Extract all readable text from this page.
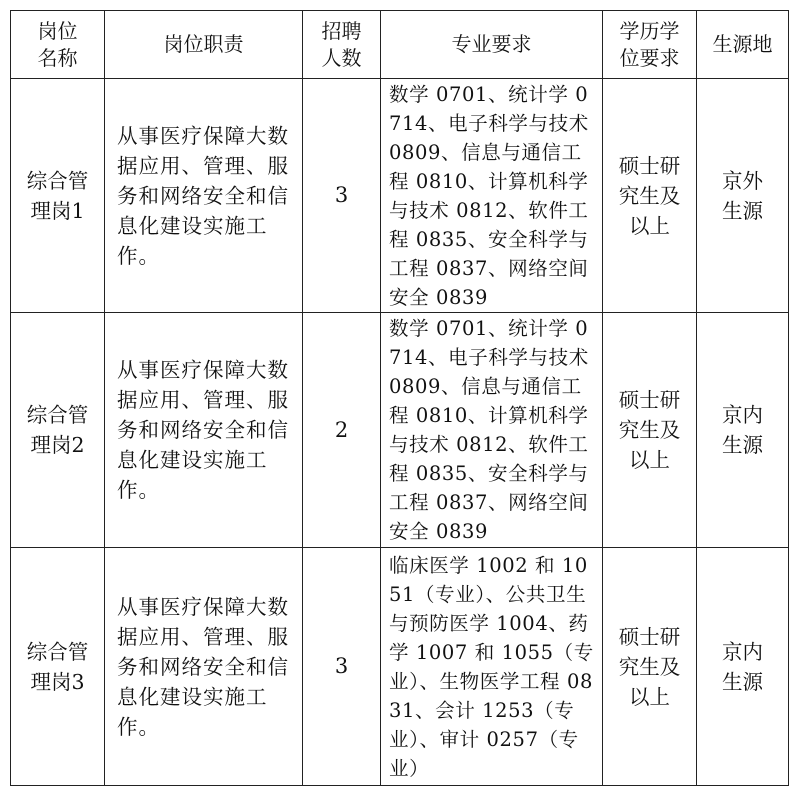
岗位名称	岗位职责	招聘人数	专业要求	学历学位要求	生源地
综合管理岗1	从事医疗保障大数据应用、管理、服务和网络安全和信息化建设实施工作。	3	数学 0701、统计学 0714、电子科学与技术 0809、信息与通信工程 0810、计算机科学与技术 0812、软件工程 0835、安全科学与工程 0837、网络空间安全 0839	硕士研究生及以上	京外生源
综合管理岗2	从事医疗保障大数据应用、管理、服务和网络安全和信息化建设实施工作。	2	数学 0701、统计学 0714、电子科学与技术 0809、信息与通信工程 0810、计算机科学与技术 0812、软件工程 0835、安全科学与工程 0837、网络空间安全 0839	硕士研究生及以上	京内生源
综合管理岗3	从事医疗保障大数据应用、管理、服务和网络安全和信息化建设实施工作。	3	临床医学 1002 和 1051（专业）、公共卫生与预防医学 1004、药学 1007 和 1055（专业）、生物医学工程 0831、会计 1253（专业）、审计 0257（专业）	硕士研究生及以上	京内生源
